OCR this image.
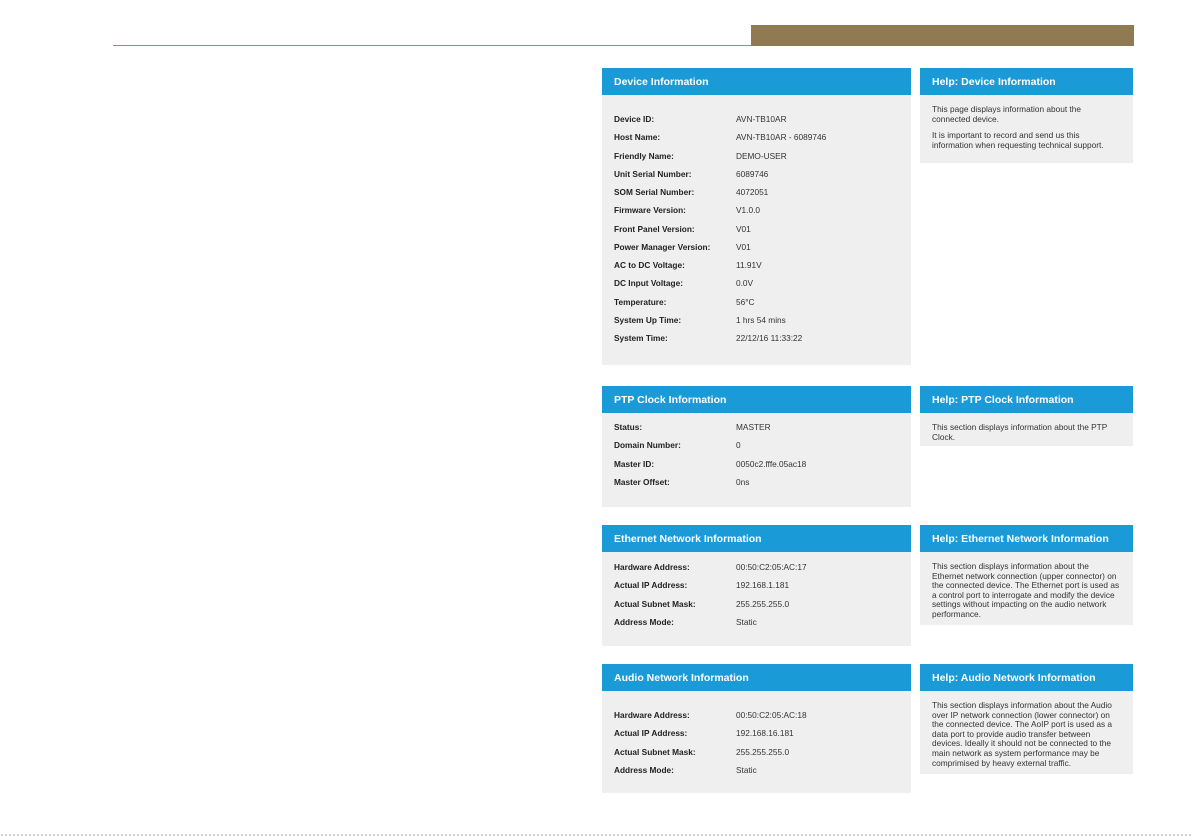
Device Information
Device ID:	AVN-TB10AR
Host Name:	AVN-TB10AR - 6089746
Friendly Name:	DEMO-USER
Unit Serial Number:	6089746
SOM Serial Number:	4072051
Firmware Version:	V1.0.0
Front Panel Version:	V01
Power Manager Version:	V01
AC to DC Voltage:	11.91V
DC Input Voltage:	0.0V
Temperature:	56°C
System Up Time:	1 hrs 54 mins
System Time:	22/12/16 11:33:22
Help: Device Information

This page displays information about the connected device.

It is important to record and send us this information when requesting technical support.

PTP Clock Information
Status:	MASTER
Domain Number:	0
Master ID:	0050c2.fffe.05ac18
Master Offset:	0ns
Help: PTP Clock Information

This section displays information about the PTP Clock.

Ethernet Network Information
Hardware Address:	00:50:C2:05:AC:17
Actual IP Address:	192.168.1.181
Actual Subnet Mask:	255.255.255.0
Address Mode:	Static
Help: Ethernet Network Information

This section displays information about the Ethernet network connection (upper connector) on the connected device. The Ethernet port is used as a control port to interrogate and modify the device settings without impacting on the audio network performance.

Audio Network Information
Hardware Address:	00:50:C2:05:AC:18
Actual IP Address:	192.168.16.181
Actual Subnet Mask:	255.255.255.0
Address Mode:	Static
Help: Audio Network Information

This section displays information about the Audio over IP network connection (lower connector) on the connected device. The AoIP port is used as a data port to provide audio transfer between devices. Ideally it should not be connected to the main network as system performance may be comprimised by heavy external traffic.
